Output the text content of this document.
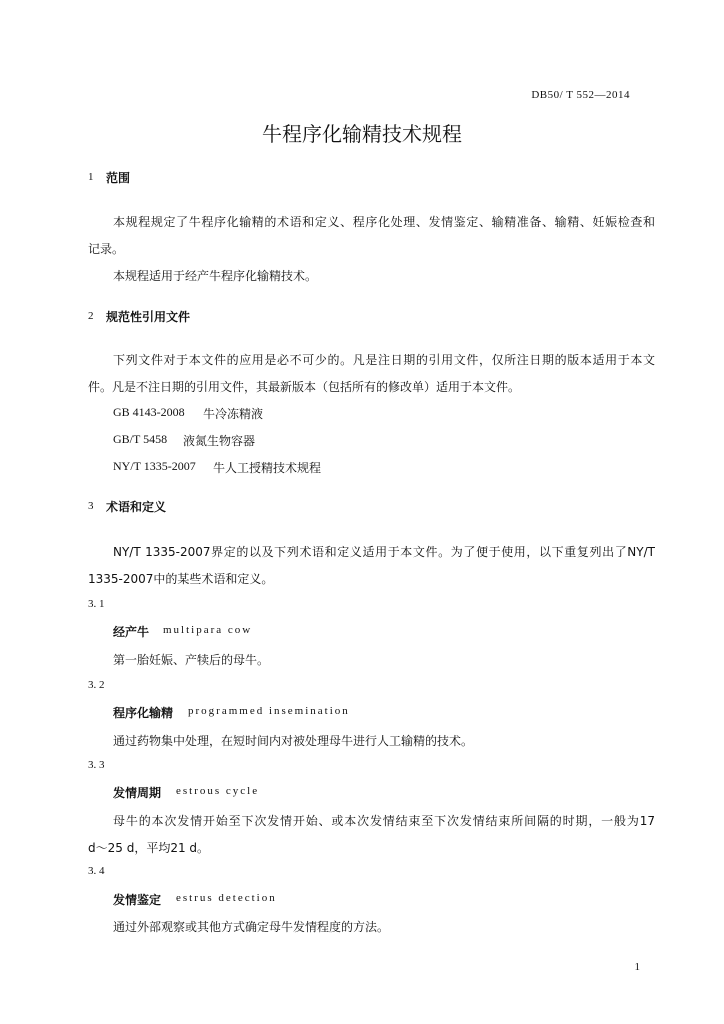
DB50/ T 552—2014
牛程序化输精技术规程
1 范围
本规程规定了牛程序化输精的术语和定义、程序化处理、发情鉴定、输精准备、输精、妊娠检查和
记录。
本规程适用于经产牛程序化输精技术。
2 规范性引用文件
下列文件对于本文件的应用是必不可少的。凡是注日期的引用文件，仅所注日期的版本适用于本文
件。凡是不注日期的引用文件，其最新版本（包括所有的修改单）适用于本文件。
GB 4143-2008 牛冷冻精液
GB/T 5458 液氮生物容器
NY/T 1335-2007 牛人工授精技术规程
3 术语和定义
NY/T 1335-2007界定的以及下列术语和定义适用于本文件。为了便于使用，以下重复列出了NY/T
1335-2007中的某些术语和定义。
3. 1
经产牛 multipara cow
第一胎妊娠、产犊后的母牛。
3. 2
程序化输精 programmed insemination
通过药物集中处理，在短时间内对被处理母牛进行人工输精的技术。
3. 3
发情周期 estrous cycle
母牛的本次发情开始至下次发情开始、或本次发情结束至下次发情结束所间隔的时期，一般为17
d～25 d，平均21 d。
3. 4
发情鉴定 estrus detection
通过外部观察或其他方式确定母牛发情程度的方法。
1
